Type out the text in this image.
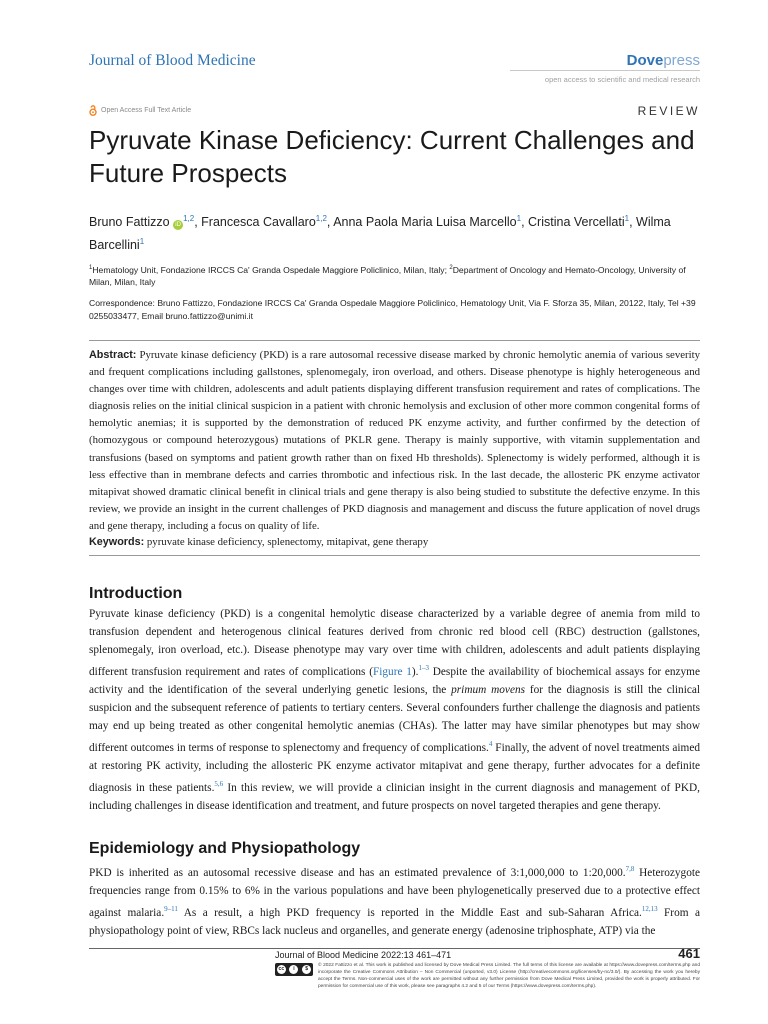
Journal of Blood Medicine	Dovepress
open access to scientific and medical research
Open Access Full Text Article	REVIEW
Pyruvate Kinase Deficiency: Current Challenges and Future Prospects
Bruno Fattizzo iD$^{1,2}$, Francesca Cavallaro$^{1,2}$, Anna Paola Maria Luisa Marcello$^1$, Cristina Vercellati$^1$, Wilma Barcellini$^1$
$^1$Hematology Unit, Fondazione IRCCS Ca' Granda Ospedale Maggiore Policlinico, Milan, Italy; $^2$Department of Oncology and Hemato-Oncology, University of Milan, Milan, Italy
Correspondence: Bruno Fattizzo, Fondazione IRCCS Ca' Granda Ospedale Maggiore Policlinico, Hematology Unit, Via F. Sforza 35, Milan, 20122, Italy, Tel +39 0255033477, Email bruno.fattizzo@unimi.it
Abstract: Pyruvate kinase deficiency (PKD) is a rare autosomal recessive disease marked by chronic hemolytic anemia of various severity and frequent complications including gallstones, splenomegaly, iron overload, and others. Disease phenotype is highly heterogeneous and changes over time with children, adolescents and adult patients displaying different transfusion requirement and rates of complications. The diagnosis relies on the initial clinical suspicion in a patient with chronic hemolysis and exclusion of other more common congenital forms of hemolytic anemias; it is supported by the demonstration of reduced PK enzyme activity, and further confirmed by the detection of (homozygous or compound heterozygous) mutations of PKLR gene. Therapy is mainly supportive, with vitamin supplementation and transfusions (based on symptoms and patient growth rather than on fixed Hb thresholds). Splenectomy is widely performed, although it is less effective than in membrane defects and carries thrombotic and infectious risk. In the last decade, the allosteric PK enzyme activator mitapivat showed dramatic clinical benefit in clinical trials and gene therapy is also being studied to substitute the defective enzyme. In this review, we provide an insight in the current challenges of PKD diagnosis and management and discuss the future application of novel drugs and gene therapy, including a focus on quality of life.
Keywords: pyruvate kinase deficiency, splenectomy, mitapivat, gene therapy
Introduction

Pyruvate kinase deficiency (PKD) is a congenital hemolytic disease characterized by a variable degree of anemia from mild to transfusion dependent and heterogenous clinical features derived from chronic red blood cell (RBC) destruction (gallstones, splenomegaly, iron overload, etc.). Disease phenotype may vary over time with children, adolescents and adult patients displaying different transfusion requirement and rates of complications (Figure 1).$^{1-3}$ Despite the availability of biochemical assays for enzyme activity and the identification of the several underlying genetic lesions, the primum movens for the diagnosis is still the clinical suspicion and the subsequent reference of patients to tertiary centers. Several confounders further challenge the diagnosis and patients may end up being treated as other congenital hemolytic anemias (CHAs). The latter may have similar phenotypes but may show different outcomes in terms of response to splenectomy and frequency of complications.$^4$ Finally, the advent of novel treatments aimed at restoring PK activity, including the allosteric PK enzyme activator mitapivat and gene therapy, further advocates for a definite diagnosis in these patients.$^{5,6}$ In this review, we will provide a clinician insight in the current diagnosis and management of PKD, including challenges in disease identification and treatment, and future prospects on novel targeted therapies and gene therapy.

Epidemiology and Physiopathology

PKD is inherited as an autosomal recessive disease and has an estimated prevalence of 3:1,000,000 to 1:20,000.$^{7,8}$ Heterozygote frequencies range from 0.15% to 6% in the various populations and have been phylogenetically preserved due to a protective effect against malaria.$^{9-11}$ As a result, a high PKD frequency is reported in the Middle East and sub-Saharan Africa.$^{12,13}$ From a physiopathology point of view, RBCs lack nucleus and organelles, and generate energy (adenosine triphosphate, ATP) via the

Journal of Blood Medicine 2022:13 461–471	461
cc	i	$
© 2022 Fattizzo et al. This work is published and licensed by Dove Medical Press Limited. The full terms of this license are available at https://www.dovepress.com/terms.php and incorporate the Creative Commons Attribution – Non Commercial (unported, v3.0) License (http://creativecommons.org/licenses/by-nc/3.0/). By accessing the work you hereby accept the Terms. Non-commercial uses of the work are permitted without any further permission from Dove Medical Press Limited, provided the work is properly attributed. For permission for commercial use of this work, please see paragraphs 4.2 and 5 of our Terms (https://www.dovepress.com/terms.php).
